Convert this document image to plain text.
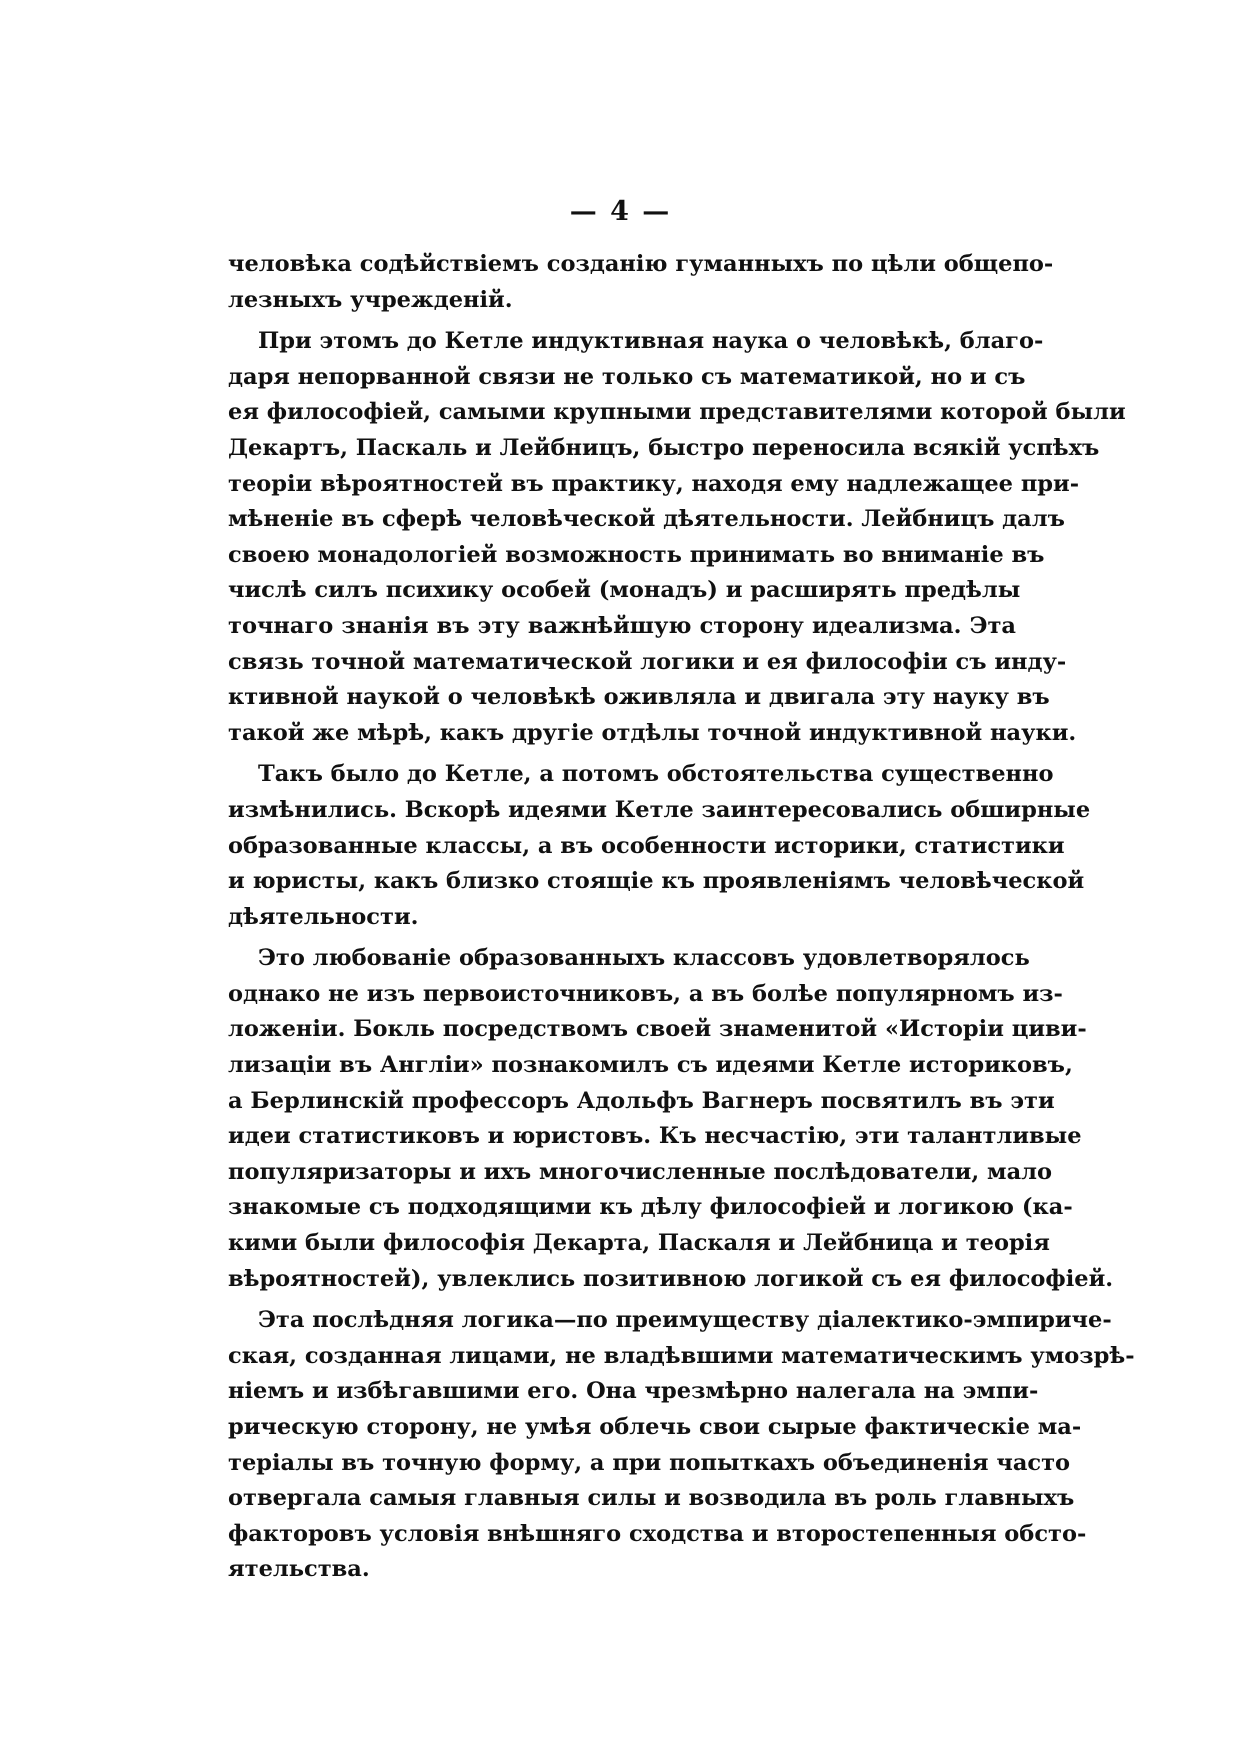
— 4 —
человѣка содѣйствіемъ созданію гуманныхъ по цѣли общепо-
лезныхъ учрежденій.
При этомъ до Кетле индуктивная наука о человѣкѣ, благо-
даря непорванной связи не только съ математикой, но и съ
ея философіей, самыми крупными представителями которой были
Декартъ, Паскаль и Лейбницъ, быстро переносила всякій успѣхъ
теоріи вѣроятностей въ практику, находя ему надлежащее при-
мѣненіе въ сферѣ человѣческой дѣятельности. Лейбницъ далъ
своею монадологіей возможность принимать во вниманіе въ
числѣ силъ психику особей (монадъ) и расширять предѣлы
точнаго знанія въ эту важнѣйшую сторону идеализма. Эта
связь точной математической логики и ея философіи съ инду-
ктивной наукой о человѣкѣ оживляла и двигала эту науку въ
такой же мѣрѣ, какъ другіе отдѣлы точной индуктивной науки.
Такъ было до Кетле, а потомъ обстоятельства существенно
измѣнились. Вскорѣ идеями Кетле заинтересовались обширные
образованные классы, а въ особенности историки, статистики
и юристы, какъ близко стоящіе къ проявленіямъ человѣческой
дѣятельности.
Это любованіе образованныхъ классовъ удовлетворялось
однако не изъ первоисточниковъ, а въ болѣе популярномъ из-
ложеніи. Бокль посредствомъ своей знаменитой «Исторіи циви-
лизаціи въ Англіи» познакомилъ съ идеями Кетле историковъ,
а Берлинскій профессоръ Адольфъ Вагнеръ посвятилъ въ эти
идеи статистиковъ и юристовъ. Къ несчастію, эти талантливые
популяризаторы и ихъ многочисленные послѣдователи, мало
знакомые съ подходящими къ дѣлу философіей и логикою (ка-
кими были философія Декарта, Паскаля и Лейбница и теорія
вѣроятностей), увлеклись позитивною логикой съ ея философіей.
Эта послѣдняя логика—по преимуществу діалектико-эмпириче-
ская, созданная лицами, не владѣвшими математическимъ умозрѣ-
ніемъ и избѣгавшими его. Она чрезмѣрно налегала на эмпи-
рическую сторону, не умѣя облечь свои сырые фактическіе ма-
теріалы въ точную форму, а при попыткахъ объединенія часто
отвергала самыя главныя силы и возводила въ роль главныхъ
факторовъ условія внѣшняго сходства и второстепенныя обсто-
ятельства.
